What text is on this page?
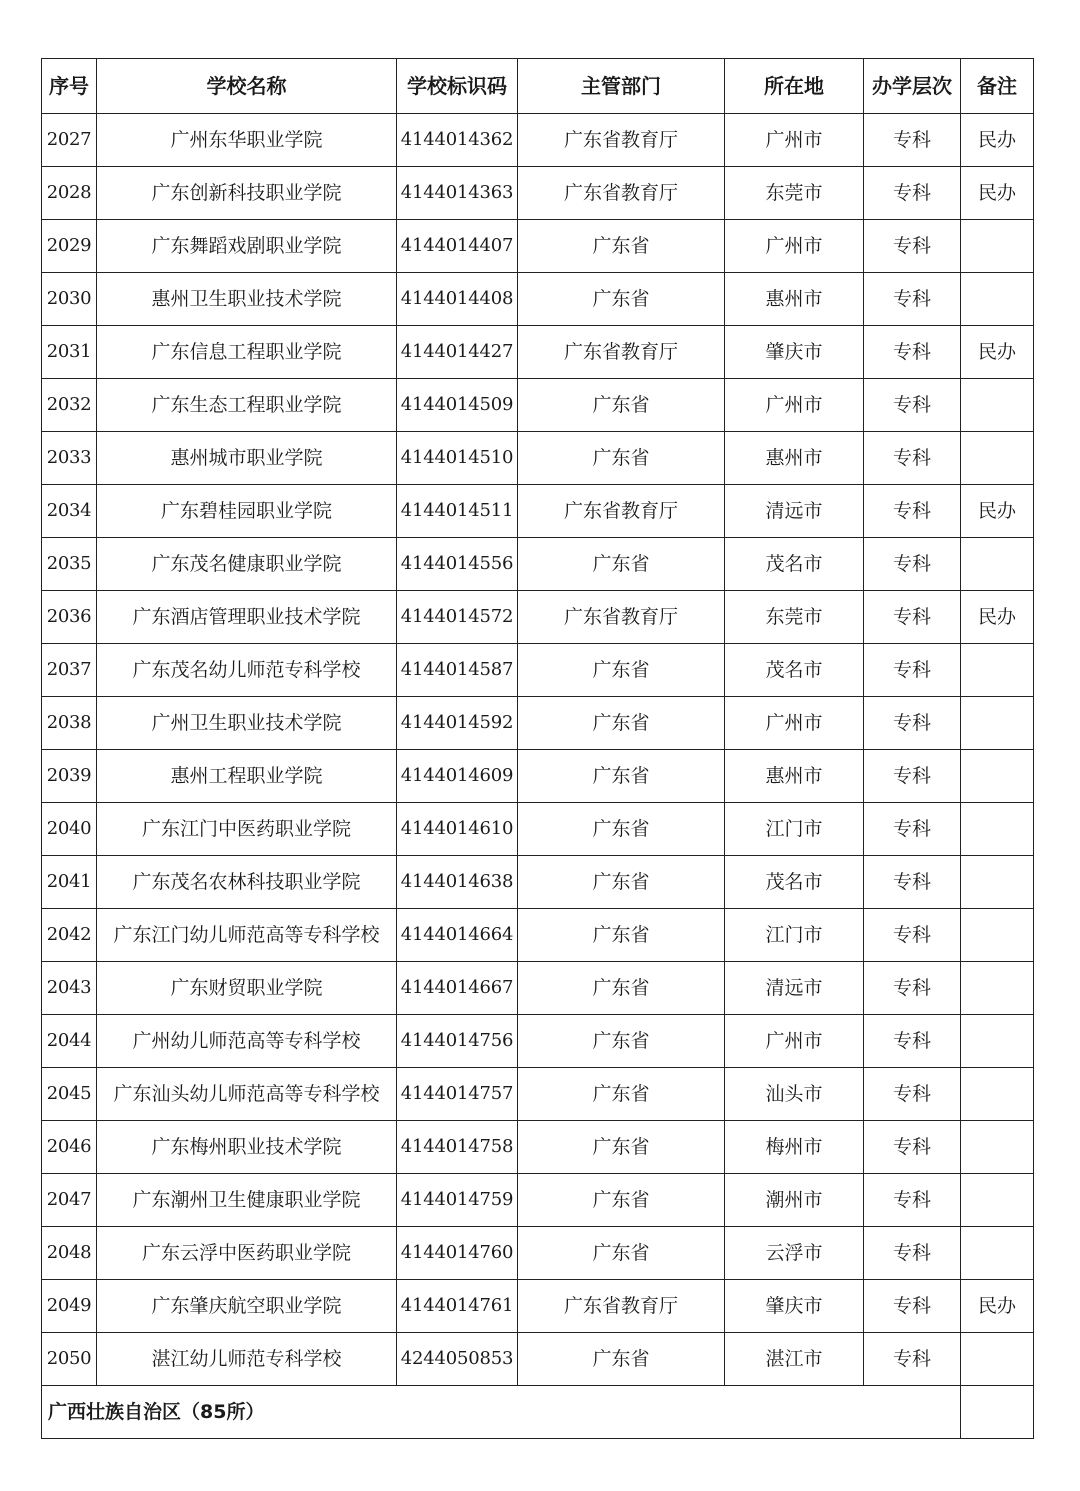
序号	学校名称	学校标识码	主管部门	所在地	办学层次	备注
2027	广州东华职业学院	4144014362	广东省教育厅	广州市	专科	民办
2028	广东创新科技职业学院	4144014363	广东省教育厅	东莞市	专科	民办
2029	广东舞蹈戏剧职业学院	4144014407	广东省	广州市	专科	
2030	惠州卫生职业技术学院	4144014408	广东省	惠州市	专科	
2031	广东信息工程职业学院	4144014427	广东省教育厅	肇庆市	专科	民办
2032	广东生态工程职业学院	4144014509	广东省	广州市	专科	
2033	惠州城市职业学院	4144014510	广东省	惠州市	专科	
2034	广东碧桂园职业学院	4144014511	广东省教育厅	清远市	专科	民办
2035	广东茂名健康职业学院	4144014556	广东省	茂名市	专科	
2036	广东酒店管理职业技术学院	4144014572	广东省教育厅	东莞市	专科	民办
2037	广东茂名幼儿师范专科学校	4144014587	广东省	茂名市	专科	
2038	广州卫生职业技术学院	4144014592	广东省	广州市	专科	
2039	惠州工程职业学院	4144014609	广东省	惠州市	专科	
2040	广东江门中医药职业学院	4144014610	广东省	江门市	专科	
2041	广东茂名农林科技职业学院	4144014638	广东省	茂名市	专科	
2042	广东江门幼儿师范高等专科学校	4144014664	广东省	江门市	专科	
2043	广东财贸职业学院	4144014667	广东省	清远市	专科	
2044	广州幼儿师范高等专科学校	4144014756	广东省	广州市	专科	
2045	广东汕头幼儿师范高等专科学校	4144014757	广东省	汕头市	专科	
2046	广东梅州职业技术学院	4144014758	广东省	梅州市	专科	
2047	广东潮州卫生健康职业学院	4144014759	广东省	潮州市	专科	
2048	广东云浮中医药职业学院	4144014760	广东省	云浮市	专科	
2049	广东肇庆航空职业学院	4144014761	广东省教育厅	肇庆市	专科	民办
2050	湛江幼儿师范专科学校	4244050853	广东省	湛江市	专科	
广西壮族自治区（85所）						
